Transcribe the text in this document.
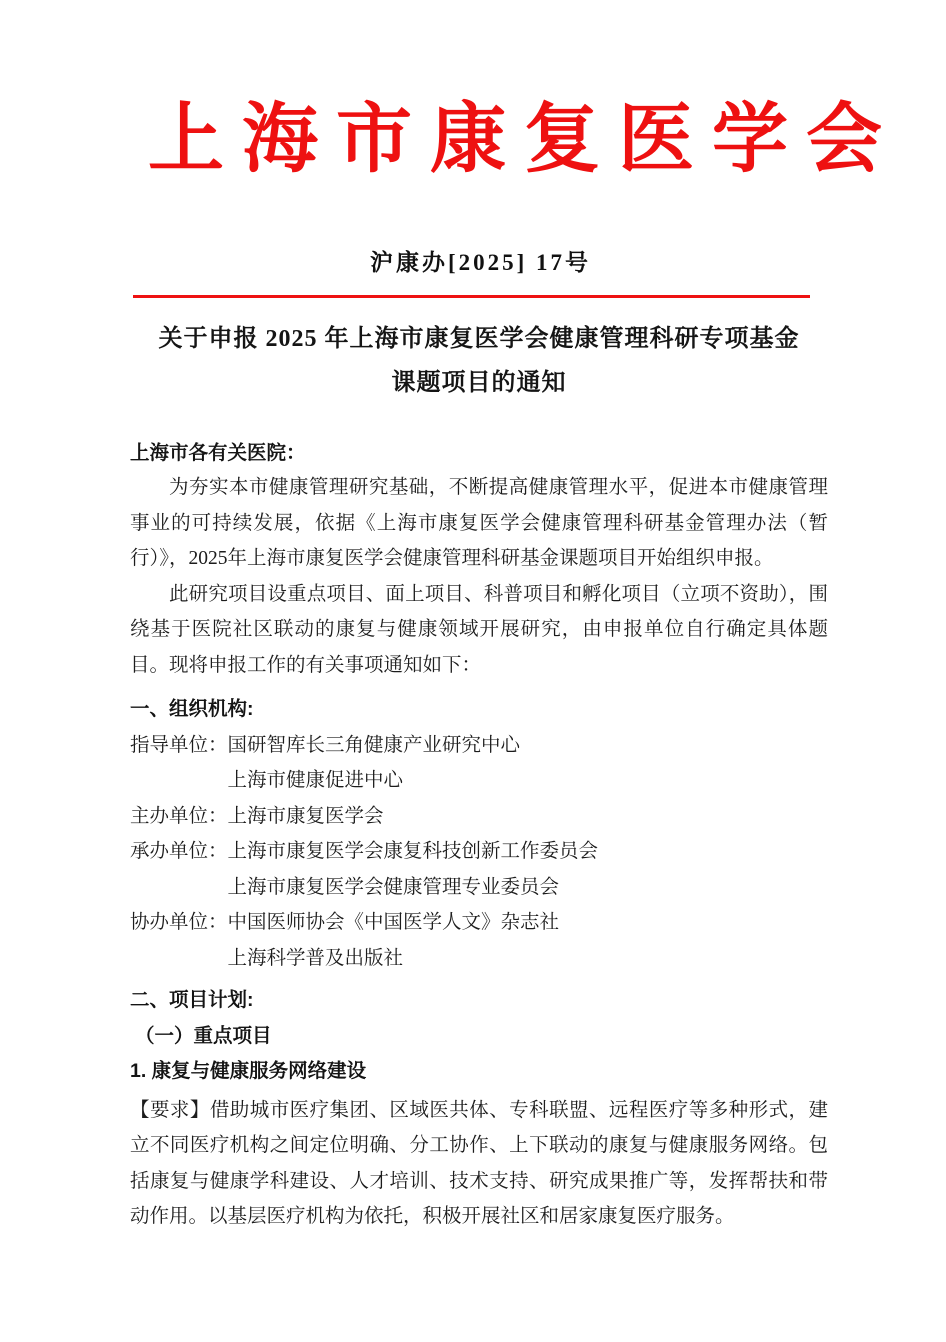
上海市康复医学会
沪康办[2025] 17号
关于申报 2025 年上海市康复医学会健康管理科研专项基金
课题项目的通知
上海市各有关医院：

为夯实本市健康管理研究基础，不断提高健康管理水平，促进本市健康管理事业的可持续发展，依据《上海市康复医学会健康管理科研基金管理办法（暂行）》，2025年上海市康复医学会健康管理科研基金课题项目开始组织申报。

此研究项目设重点项目、面上项目、科普项目和孵化项目（立项不资助），围绕基于医院社区联动的康复与健康领域开展研究，由申报单位自行确定具体题目。现将申报工作的有关事项通知如下：

一、组织机构:
指导单位： 国研智库长三角健康产业研究中心
上海市健康促进中心
主办单位： 上海市康复医学会
承办单位： 上海市康复医学会康复科技创新工作委员会
上海市康复医学会健康管理专业委员会
协办单位： 中国医师协会《中国医学人文》杂志社
上海科学普及出版社
二、项目计划:
（一）重点项目
1. 康复与健康服务网络建设

【要求】借助城市医疗集团、区域医共体、专科联盟、远程医疗等多种形式，建立不同医疗机构之间定位明确、分工协作、上下联动的康复与健康服务网络。包括康复与健康学科建设、人才培训、技术支持、研究成果推广等，发挥帮扶和带动作用。以基层医疗机构为依托，积极开展社区和居家康复医疗服务。
